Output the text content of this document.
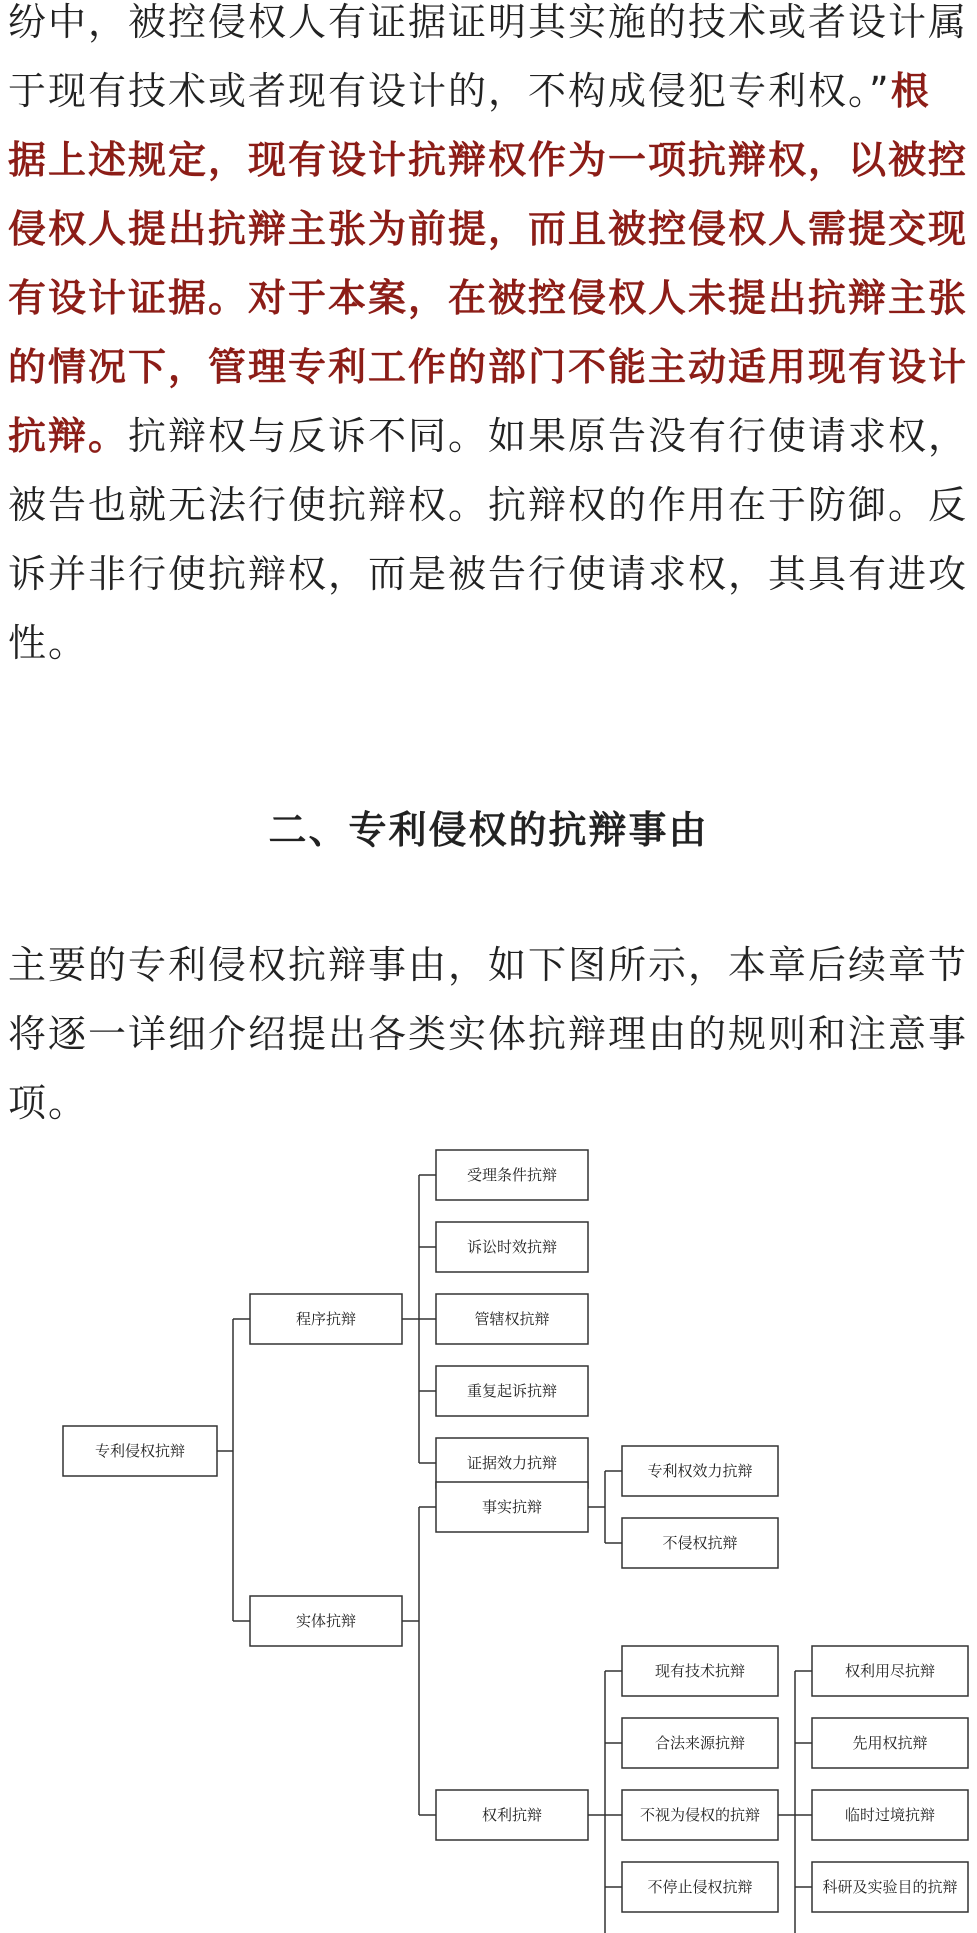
纷中，被控侵权人有证据证明其实施的技术或者设计属于现有技术或者现有设计的，不构成侵犯专利权。”根据上述规定，现有设计抗辩权作为一项抗辩权，以被控侵权人提出抗辩主张为前提，而且被控侵权人需提交现有设计证据。对于本案，在被控侵权人未提出抗辩主张的情况下，管理专利工作的部门不能主动适用现有设计抗辩。抗辩权与反诉不同。如果原告没有行使请求权，被告也就无法行使抗辩权。抗辩权的作用在于防御。反诉并非行使抗辩权，而是被告行使请求权，其具有进攻性。

二、专利侵权的抗辩事由

主要的专利侵权抗辩事由，如下图所示，本章后续章节将逐一详细介绍提出各类实体抗辩理由的规则和注意事项。

专利侵权抗辩
程序抗辩
实体抗辩
受理条件抗辩
诉讼时效抗辩
管辖权抗辩
重复起诉抗辩
证据效力抗辩
事实抗辩
权利抗辩
专利权效力抗辩
不侵权抗辩
现有技术抗辩
合法来源抗辩
不视为侵权的抗辩
不停止侵权抗辩
权利用尽抗辩
先用权抗辩
临时过境抗辩
科研及实验目的抗辩
